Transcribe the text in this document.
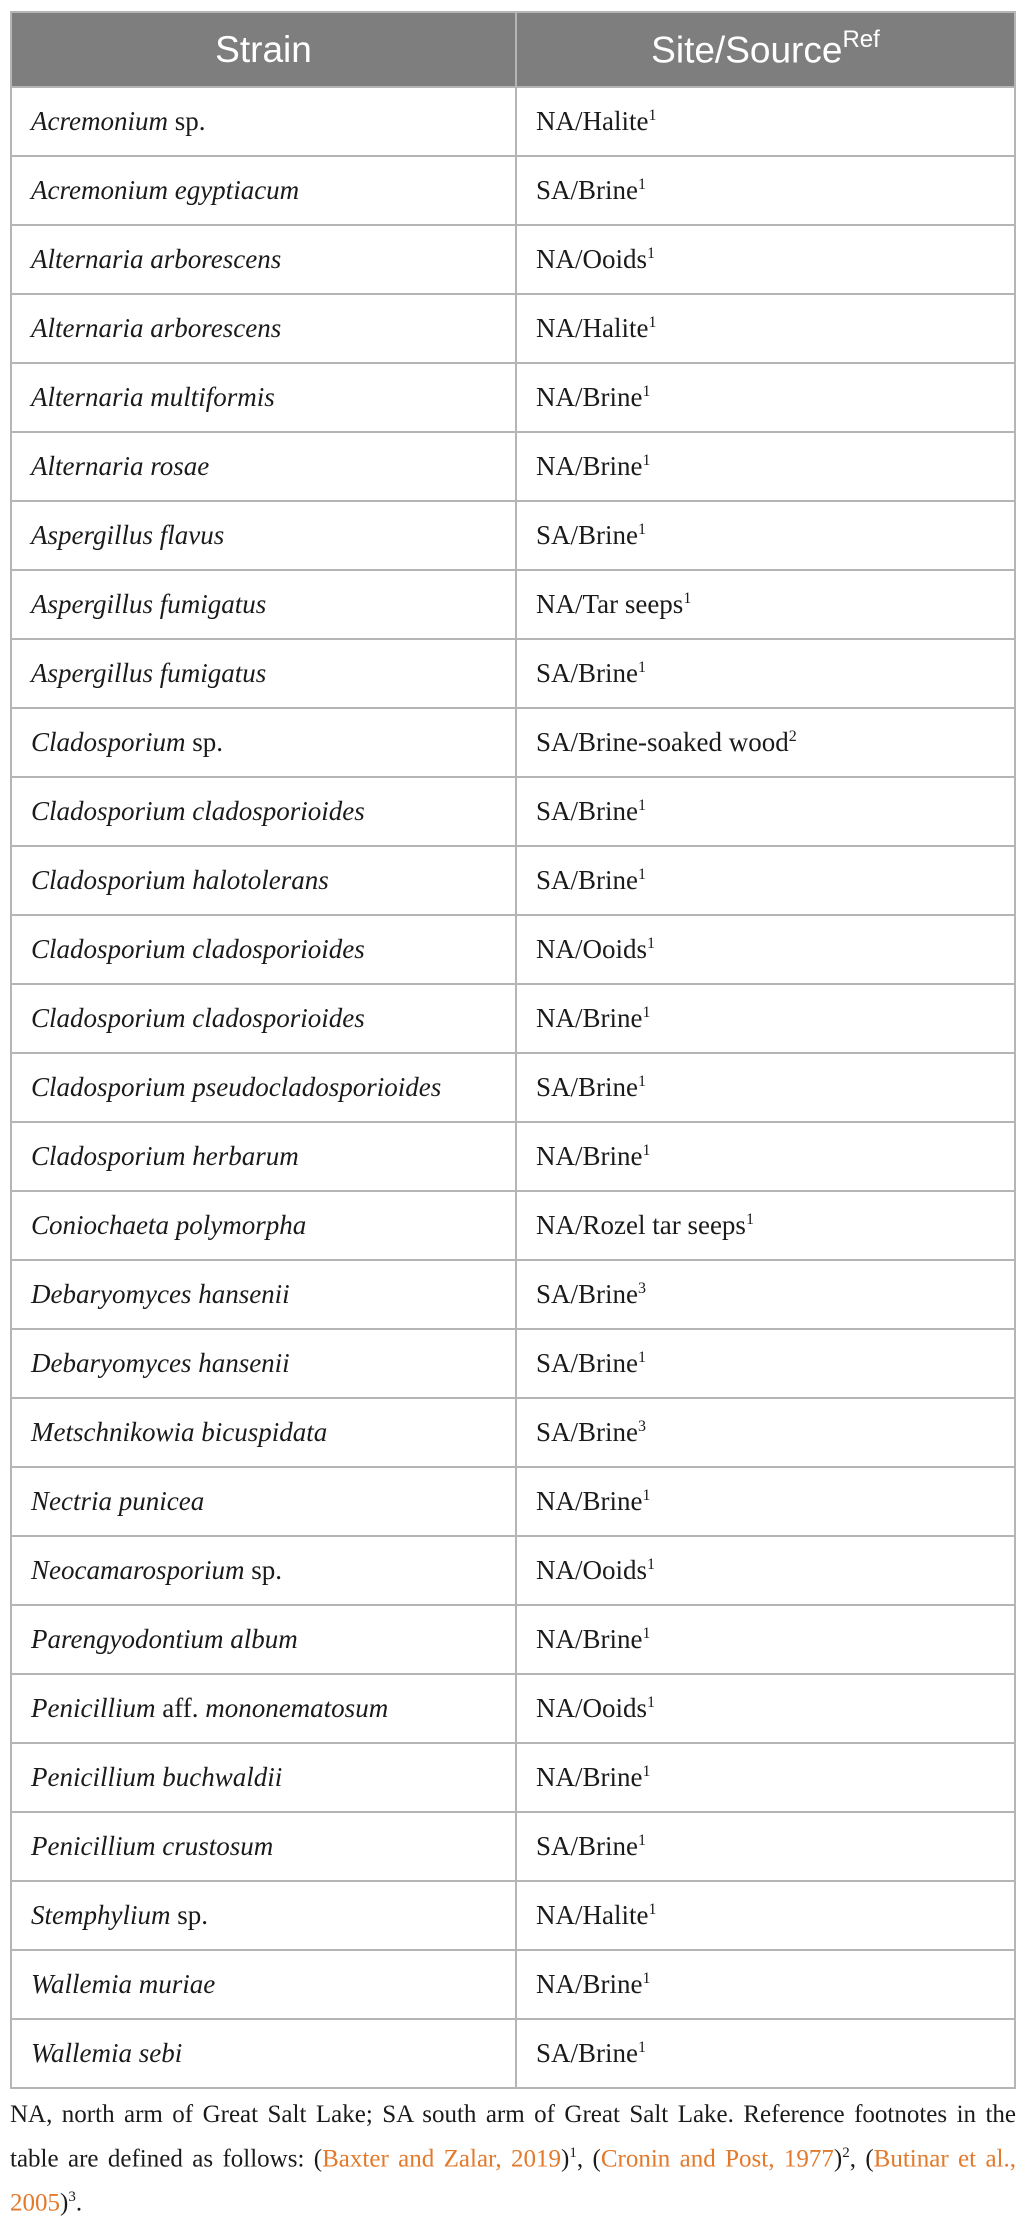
Strain	Site/Source$^{Ref}$
Acremonium sp.	NA/Halite$^1$
Acremonium egyptiacum	SA/Brine$^1$
Alternaria arborescens	NA/Ooids$^1$
Alternaria arborescens	NA/Halite$^1$
Alternaria multiformis	NA/Brine$^1$
Alternaria rosae	NA/Brine$^1$
Aspergillus flavus	SA/Brine$^1$
Aspergillus fumigatus	NA/Tar seeps$^1$
Aspergillus fumigatus	SA/Brine$^1$
Cladosporium sp.	SA/Brine-soaked wood$^2$
Cladosporium cladosporioides	SA/Brine$^1$
Cladosporium halotolerans	SA/Brine$^1$
Cladosporium cladosporioides	NA/Ooids$^1$
Cladosporium cladosporioides	NA/Brine$^1$
Cladosporium pseudocladosporioides	SA/Brine$^1$
Cladosporium herbarum	NA/Brine$^1$
Coniochaeta polymorpha	NA/Rozel tar seeps$^1$
Debaryomyces hansenii	SA/Brine$^3$
Debaryomyces hansenii	SA/Brine$^1$
Metschnikowia bicuspidata	SA/Brine$^3$
Nectria punicea	NA/Brine$^1$
Neocamarosporium sp.	NA/Ooids$^1$
Parengyodontium album	NA/Brine$^1$
Penicillium aff. mononematosum	NA/Ooids$^1$
Penicillium buchwaldii	NA/Brine$^1$
Penicillium crustosum	SA/Brine$^1$
Stemphylium sp.	NA/Halite$^1$
Wallemia muriae	NA/Brine$^1$
Wallemia sebi	SA/Brine$^1$
NA, north arm of Great Salt Lake; SA south arm of Great Salt Lake. Reference footnotes in the table are defined as follows: (Baxter and Zalar, 2019)$^1$, (Cronin and Post, 1977)$^2$, (Butinar et al., 2005)$^3$.
